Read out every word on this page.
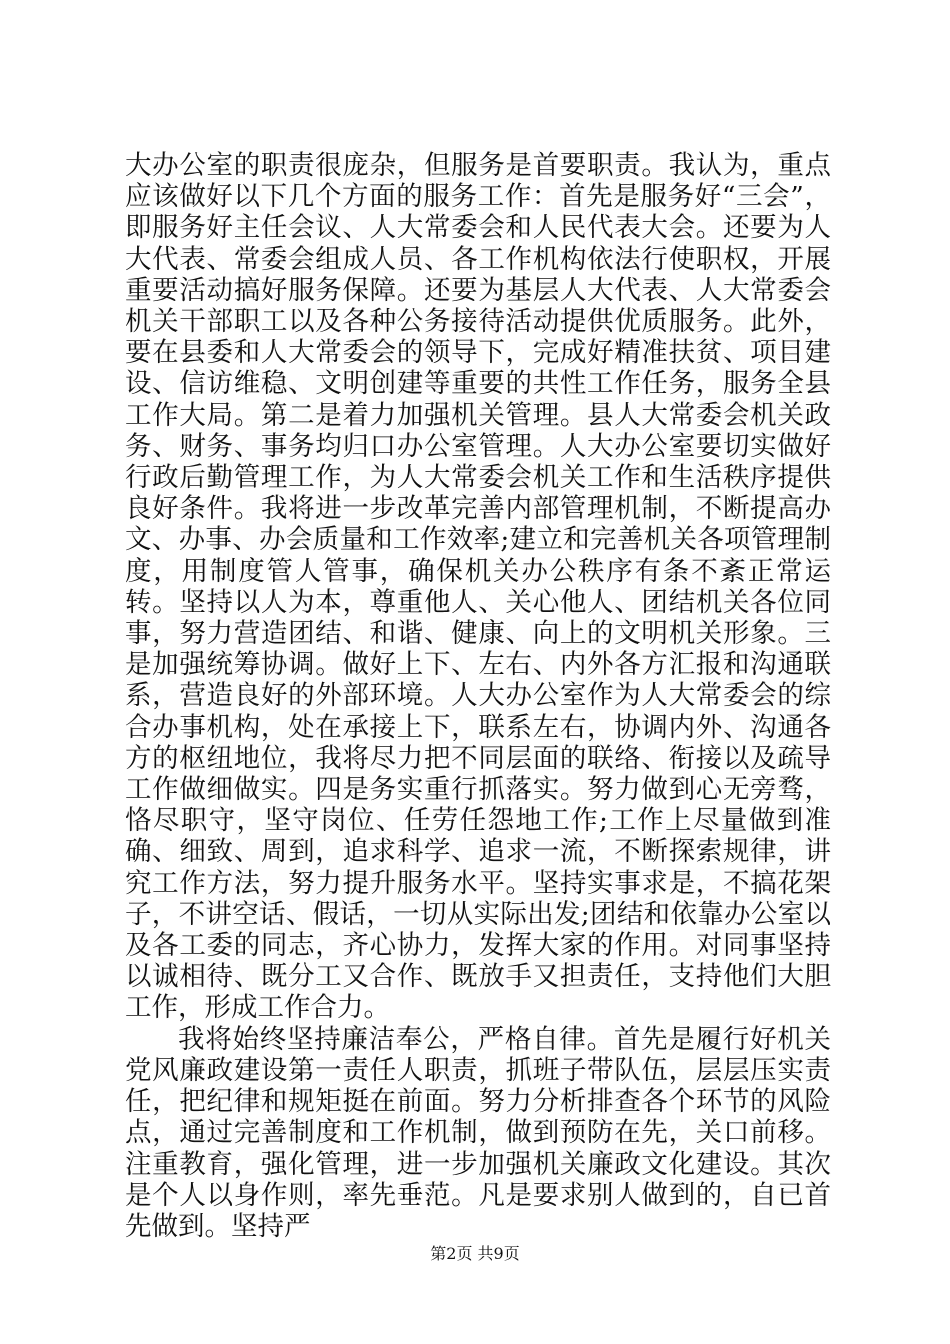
大办公室的职责很庞杂，但服务是首要职责。我认为，重点应该做好以下几个方面的服务工作：首先是服务好“三会”，即服务好主任会议、人大常委会和人民代表大会。还要为人大代表、常委会组成人员、各工作机构依法行使职权，开展重要活动搞好服务保障。还要为基层人大代表、人大常委会机关干部职工以及各种公务接待活动提供优质服务。此外，要在县委和人大常委会的领导下，完成好精准扶贫、项目建设、信访维稳、文明创建等重要的共性工作任务，服务全县工作大局。第二是着力加强机关管理。县人大常委会机关政务、财务、事务均归口办公室管理。人大办公室要切实做好行政后勤管理工作，为人大常委会机关工作和生活秩序提供良好条件。我将进一步改革完善内部管理机制，不断提高办文、办事、办会质量和工作效率;建立和完善机关各项管理制度，用制度管人管事，确保机关办公秩序有条不紊正常运转。坚持以人为本，尊重他人、关心他人、团结机关各位同事，努力营造团结、和谐、健康、向上的文明机关形象。三是加强统筹协调。做好上下、左右、内外各方汇报和沟通联系，营造良好的外部环境。人大办公室作为人大常委会的综合办事机构，处在承接上下，联系左右，协调内外、沟通各方的枢纽地位，我将尽力把不同层面的联络、衔接以及疏导工作做细做实。四是务实重行抓落实。努力做到心无旁骛，恪尽职守，坚守岗位、任劳任怨地工作;工作上尽量做到准确、细致、周到，追求科学、追求一流，不断探索规律，讲究工作方法，努力提升服务水平。坚持实事求是，不搞花架子，不讲空话、假话，一切从实际出发;团结和依靠办公室以及各工委的同志，齐心协力，发挥大家的作用。对同事坚持以诚相待、既分工又合作、既放手又担责任，支持他们大胆工作，形成工作合力。

我将始终坚持廉洁奉公，严格自律。首先是履行好机关党风廉政建设第一责任人职责，抓班子带队伍，层层压实责任，把纪律和规矩挺在前面。努力分析排查各个环节的风险点，通过完善制度和工作机制，做到预防在先，关口前移。注重教育，强化管理，进一步加强机关廉政文化建设。其次是个人以身作则，率先垂范。凡是要求别人做到的，自已首先做到。坚持严

第2页 共9页
